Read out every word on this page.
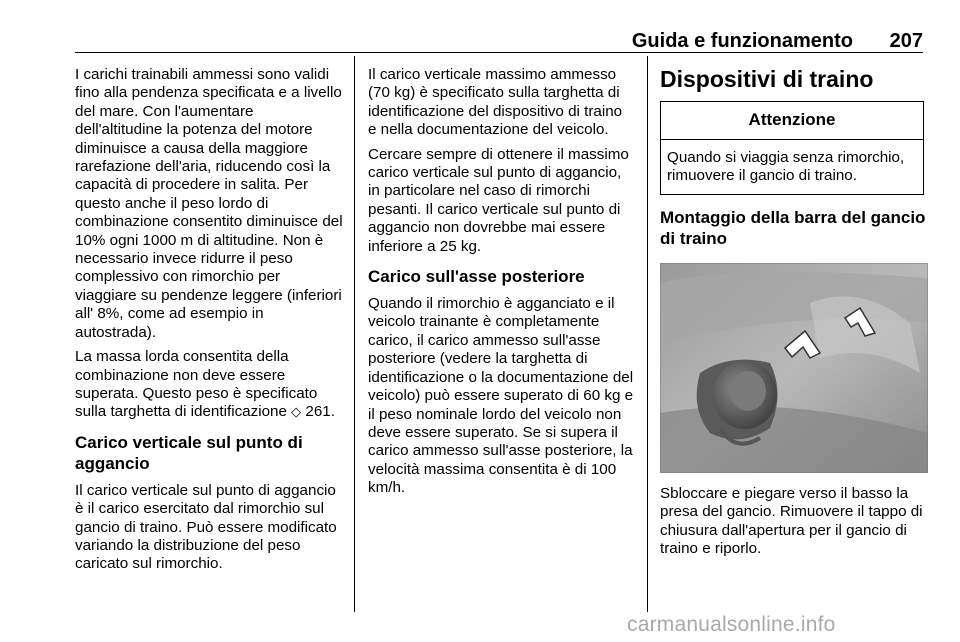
Guida e funzionamento 207

I carichi trainabili ammessi sono validi fino alla pendenza specificata e a livello del mare. Con l'aumentare dell'altitudine la potenza del motore diminuisce a causa della maggiore rarefazione dell'aria, riducendo così la capacità di procedere in salita. Per questo anche il peso lordo di combinazione consentito diminuisce del 10% ogni 1000 m di altitudine. Non è necessario invece ridurre il peso complessivo con rimorchio per viaggiare su pendenze leggere (inferiori all' 8%, come ad esempio in autostrada).

La massa lorda consentita della combinazione non deve essere superata. Questo peso è specificato sulla targhetta di identificazione ◇ 261.

Carico verticale sul punto di aggancio

Il carico verticale sul punto di aggancio è il carico esercitato dal rimorchio sul gancio di traino. Può essere modificato variando la distribuzione del peso caricato sul rimorchio.

Il carico verticale massimo ammesso (70 kg) è specificato sulla targhetta di identificazione del dispositivo di traino e nella documentazione del veicolo.

Cercare sempre di ottenere il massimo carico verticale sul punto di aggancio, in particolare nel caso di rimorchi pesanti. Il carico verticale sul punto di aggancio non dovrebbe mai essere inferiore a 25 kg.

Carico sull'asse posteriore

Quando il rimorchio è agganciato e il veicolo trainante è completamente carico, il carico ammesso sull'asse posteriore (vedere la targhetta di identificazione o la documentazione del veicolo) può essere superato di 60 kg e il peso nominale lordo del veicolo non deve essere superato. Se si supera il carico ammesso sull'asse posteriore, la velocità massima consentita è di 100 km/h.

Dispositivi di traino
Attenzione
Quando si viaggia senza rimorchio, rimuovere il gancio di traino.
Montaggio della barra del gancio di traino

Sbloccare e piegare verso il basso la presa del gancio. Rimuovere il tappo di chiusura dall'apertura per il gancio di traino e riporlo.

carmanualsonline.info
